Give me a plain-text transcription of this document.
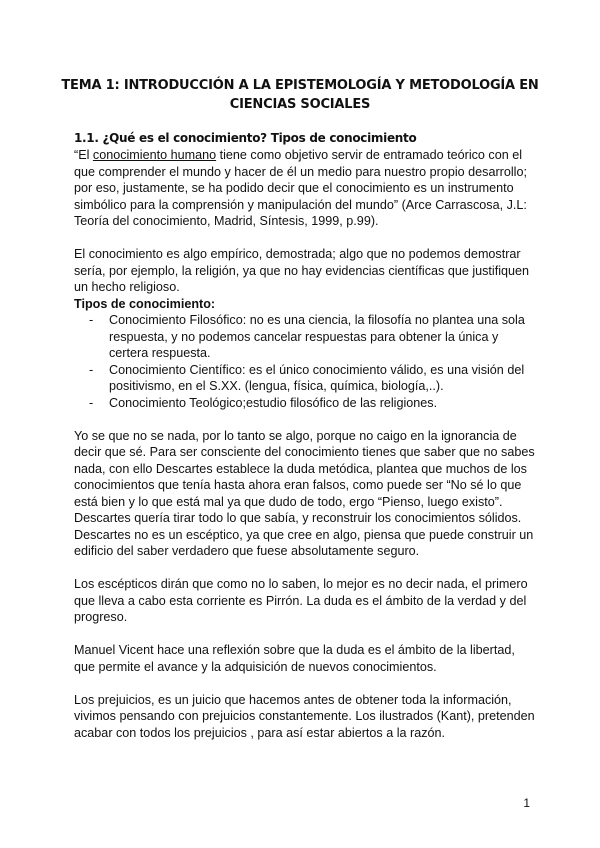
TEMA 1: INTRODUCCIÓN A LA EPISTEMOLOGÍA Y METODOLOGÍA EN CIENCIAS SOCIALES

1.1. ¿Qué es el conocimiento? Tipos de conocimiento

“El conocimiento humano tiene como objetivo servir de entramado teórico con el que comprender el mundo y hacer de él un medio para nuestro propio desarrollo; por eso, justamente, se ha podido decir que el conocimiento es un instrumento simbólico para la comprensión y manipulación del mundo” (Arce Carrascosa, J.L: Teoría del conocimiento, Madrid, Síntesis, 1999, p.99).

El conocimiento es algo empírico, demostrada; algo que no podemos demostrar sería, por ejemplo, la religión, ya que no hay evidencias científicas que justifiquen un hecho religioso.

Tipos de conocimiento:

- Conocimiento Filosófico: no es una ciencia, la filosofía no plantea una sola respuesta, y no podemos cancelar respuestas para obtener la única y certera respuesta.
- Conocimiento Científico: es el único conocimiento válido, es una visión del positivismo, en el S.XX. (lengua, física, química, biología,..).
- Conocimiento Teológico;estudio filosófico de las religiones.

Yo se que no se nada, por lo tanto se algo, porque no caigo en la ignorancia de decir que sé. Para ser consciente del conocimiento tienes que saber que no sabes nada, con ello Descartes establece la duda metódica, plantea que muchos de los conocimientos que tenía hasta ahora eran falsos, como puede ser “No sé lo que está bien y lo que está mal ya que dudo de todo, ergo “Pienso, luego existo”. Descartes quería tirar todo lo que sabía, y reconstruir los conocimientos sólidos. Descartes no es un escéptico, ya que cree en algo, piensa que puede construir un edificio del saber verdadero que fuese absolutamente seguro.

Los escépticos dirán que como no lo saben, lo mejor es no decir nada, el primero que lleva a cabo esta corriente es Pirrón. La duda es el ámbito de la verdad y del progreso.

Manuel Vicent hace una reflexión sobre que la duda es el ámbito de la libertad, que permite el avance y la adquisición de nuevos conocimientos.

Los prejuicios, es un juicio que hacemos antes de obtener toda la información, vivimos pensando con prejuicios constantemente. Los ilustrados (Kant), pretenden acabar con todos los prejuicios , para así estar abiertos a la razón.

1
